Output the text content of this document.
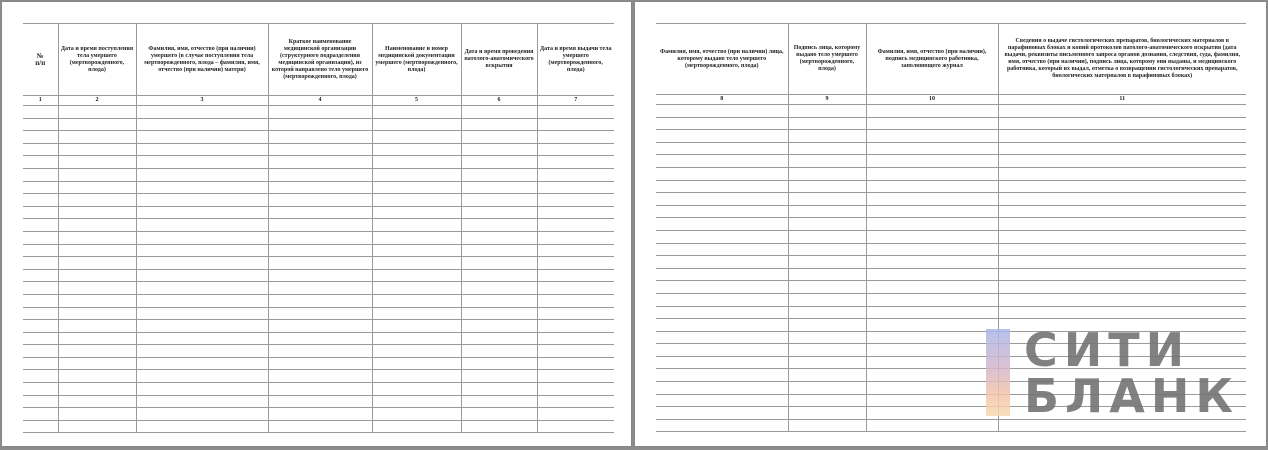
№
п/п	Дата и время поступления тела умершего (мертворожденного, плода)	Фамилия, имя, отчество (при наличии) умершего (в случае поступления тела мертворожденного, плода – фамилия, имя, отчество (при наличии) матери)	Краткое наименование медицинской организации (структурного подразделения медицинской организации), из которой направлено тело умершего (мертворожденного, плода)	Наименование и номер медицинской документации умершего (мертворожденного, плода)	Дата и время проведения патолого-анатомического вскрытия	Дата и время выдачи тела умершего (мертворожденного, плода)
1	2	3	4	5	6	7

Фамилия, имя, отчество (при наличии) лица, которому выдано тело умершего (мертворожденного, плода)	Подпись лица, которому выдано тело умершего (мертворожденного, плода)	Фамилия, имя, отчество (при наличии), подпись медицинского работника, заполняющего журнал	Сведения о выдаче гистологических препаратов, биологических материалов в парафиновых блоках и копий протоколов патолого-анатомического вскрытия (дата выдачи, реквизиты письменного запроса органов дознания, следствия, суда, фамилия, имя, отчество (при наличии), подпись лица, которому они выданы, и медицинского работника, который их выдал, отметка о возвращении гистологических препаратов, биологических материалов в парафиновых блоках)
8	9	10	11

СИТИ
БЛАНК
